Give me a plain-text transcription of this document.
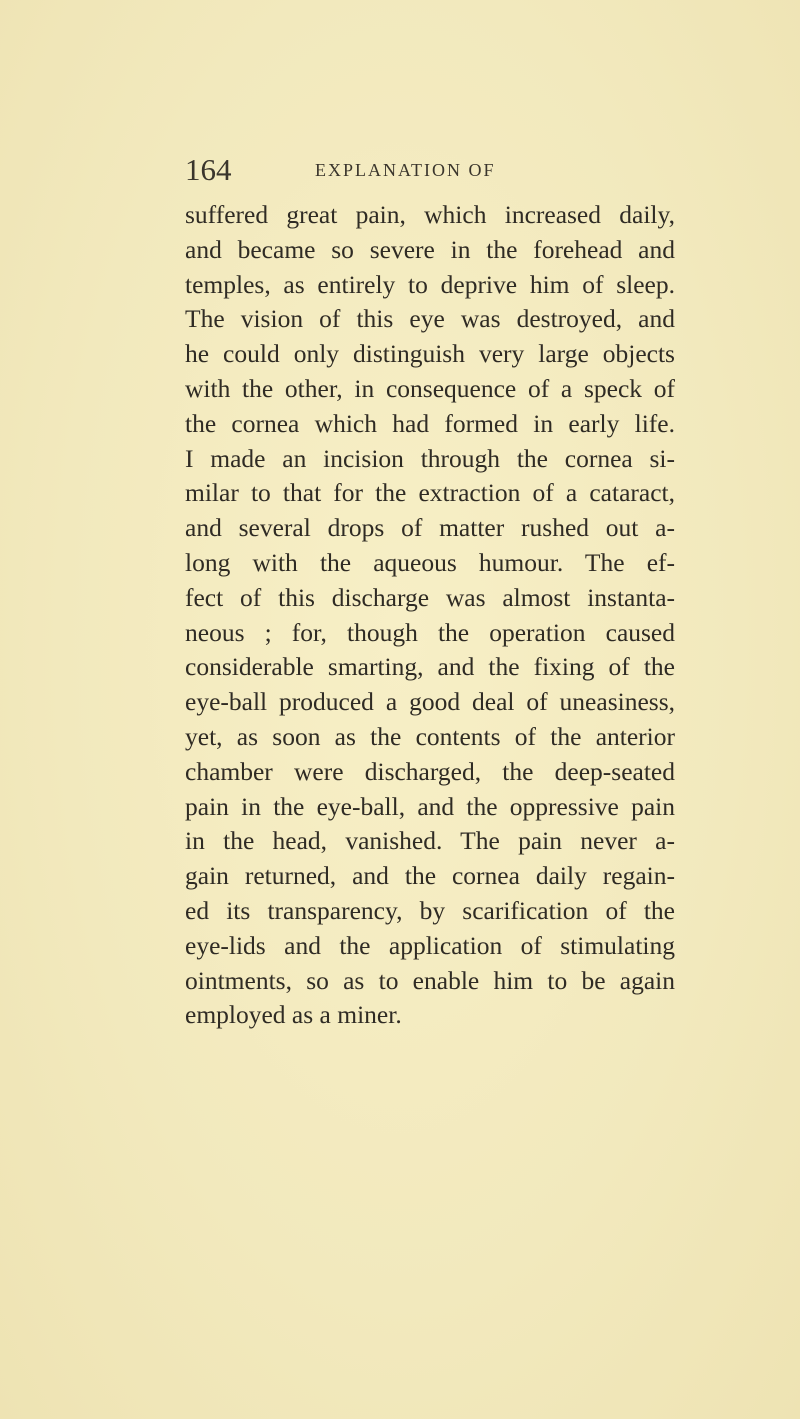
164	EXPLANATION OF
suffered great pain, which increased daily,
and became so severe in the forehead and
temples, as entirely to deprive him of sleep.
The vision of this eye was destroyed, and
he could only distinguish very large objects
with the other, in consequence of a speck of
the cornea which had formed in early life.
I made an incision through the cornea si-
milar to that for the extraction of a cataract,
and several drops of matter rushed out a-
long with the aqueous humour. The ef-
fect of this discharge was almost instanta-
neous ; for, though the operation caused
considerable smarting, and the fixing of the
eye-ball produced a good deal of uneasiness,
yet, as soon as the contents of the anterior
chamber were discharged, the deep-seated
pain in the eye-ball, and the oppressive pain
in the head, vanished. The pain never a-
gain returned, and the cornea daily regain-
ed its transparency, by scarification of the
eye-lids and the application of stimulating
ointments, so as to enable him to be again
employed as a miner.
